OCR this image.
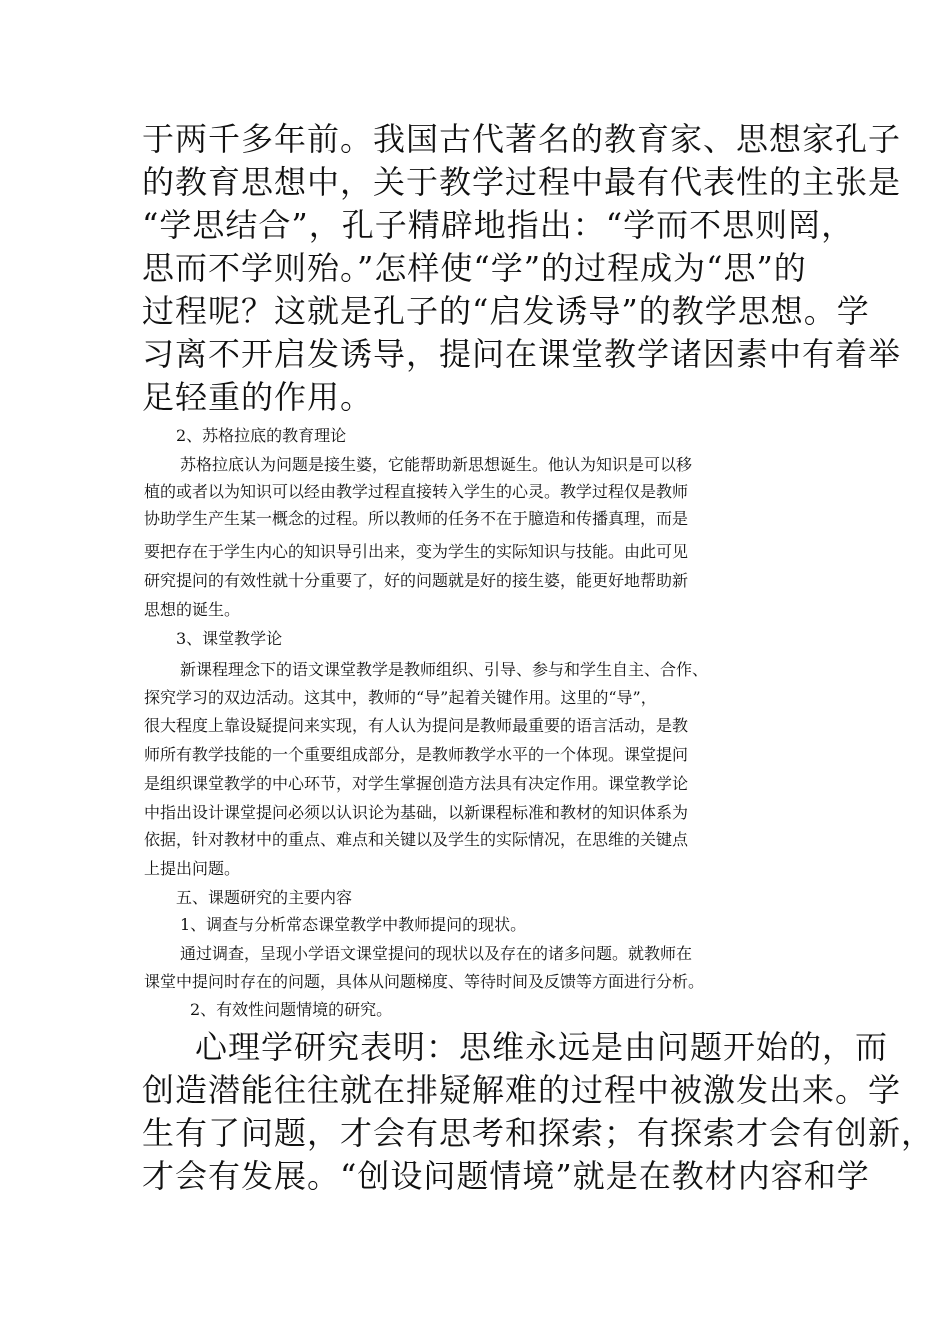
于两千多年前。我国古代著名的教育家、思想家孔子
的教育思想中，关于教学过程中最有代表性的主张是
“学思结合”，孔子精辟地指出：“学而不思则罔，
思而不学则殆。”怎样使“学”的过程成为“思”的
过程呢？这就是孔子的“启发诱导”的教学思想。学
习离不开启发诱导，提问在课堂教学诸因素中有着举
足轻重的作用。
2、苏格拉底的教育理论
苏格拉底认为问题是接生婆，它能帮助新思想诞生。他认为知识是可以移
植的或者以为知识可以经由教学过程直接转入学生的心灵。教学过程仅是教师
协助学生产生某一概念的过程。所以教师的任务不在于臆造和传播真理，而是
要把存在于学生内心的知识导引出来，变为学生的实际知识与技能。由此可见
研究提问的有效性就十分重要了，好的问题就是好的接生婆，能更好地帮助新
思想的诞生。
3、课堂教学论
新课程理念下的语文课堂教学是教师组织、引导、参与和学生自主、合作、
探究学习的双边活动。这其中，教师的“导”起着关键作用。这里的“导”，
很大程度上靠设疑提问来实现，有人认为提问是教师最重要的语言活动，是教
师所有教学技能的一个重要组成部分，是教师教学水平的一个体现。课堂提问
是组织课堂教学的中心环节，对学生掌握创造方法具有决定作用。课堂教学论
中指出设计课堂提问必须以认识论为基础，以新课程标准和教材的知识体系为
依据，针对教材中的重点、难点和关键以及学生的实际情况，在思维的关键点
上提出问题。
五、课题研究的主要内容
1、调查与分析常态课堂教学中教师提问的现状。
通过调查，呈现小学语文课堂提问的现状以及存在的诸多问题。就教师在
课堂中提问时存在的问题，具体从问题梯度、等待时间及反馈等方面进行分析。
2、有效性问题情境的研究。
心理学研究表明：思维永远是由问题开始的，而
创造潜能往往就在排疑解难的过程中被激发出来。学
生有了问题，才会有思考和探索；有探索才会有创新，
才会有发展。“创设问题情境”就是在教材内容和学
